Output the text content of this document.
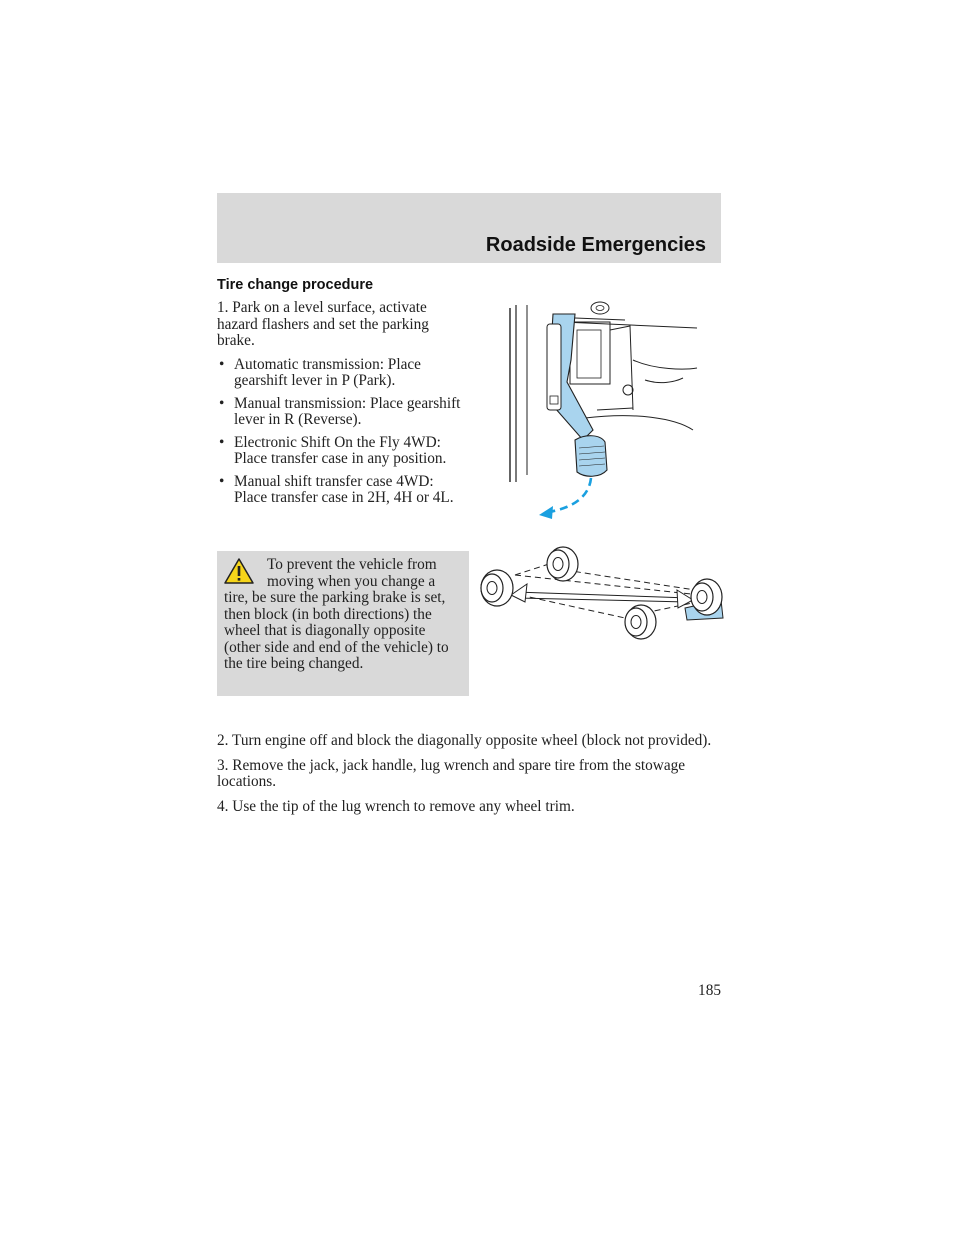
Roadside Emergencies
Tire change procedure

1. Park on a level surface, activate hazard flashers and set the parking brake.

• Automatic transmission: Place gearshift lever in P (Park).
• Manual transmission: Place gearshift lever in R (Reverse).
• Electronic Shift On the Fly 4WD: Place transfer case in any position.
• Manual shift transfer case 4WD: Place transfer case in 2H, 4H or 4L.
To prevent the vehicle from moving when you change a tire, be sure the parking brake is set, then block (in both directions) the wheel that is diagonally opposite (other side and end of the vehicle) to the tire being changed.

2. Turn engine off and block the diagonally opposite wheel (block not provided).

3. Remove the jack, jack handle, lug wrench and spare tire from the stowage locations.

4. Use the tip of the lug wrench to remove any wheel trim.

185
